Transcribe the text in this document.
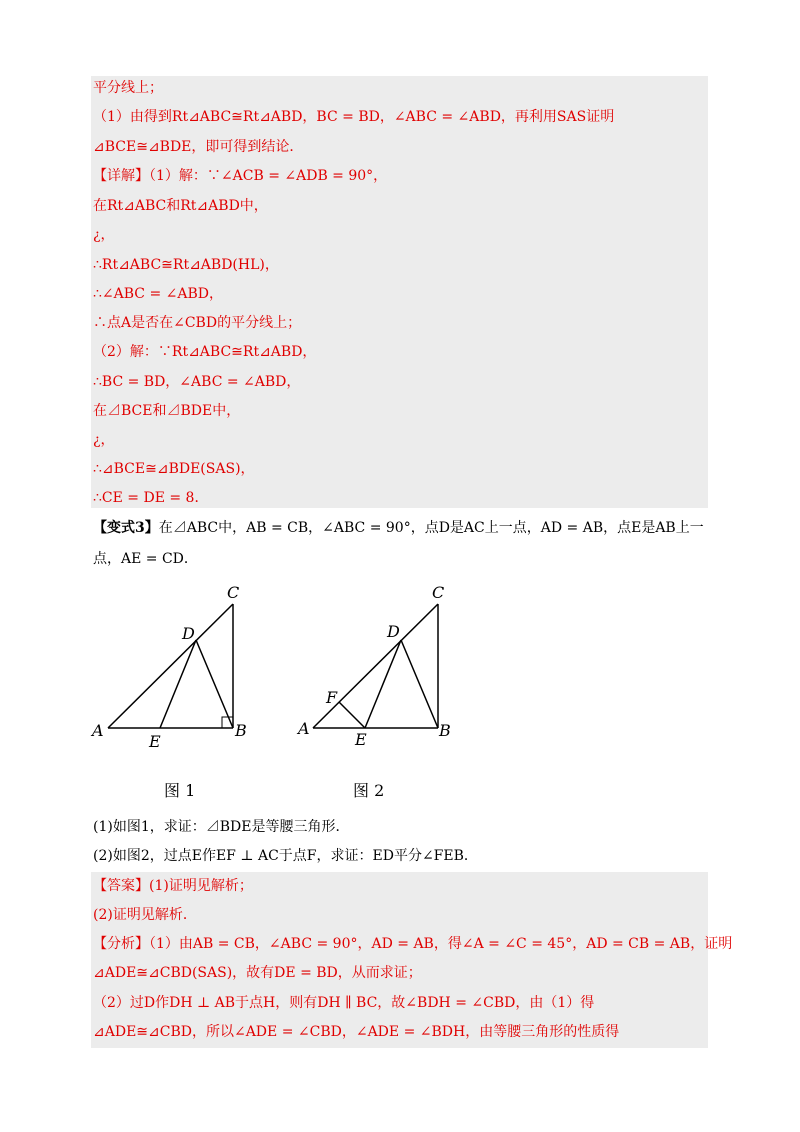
平分线上；
（1）由得到Rt⊿ABC≅Rt⊿ABD，BC = BD，∠ABC = ∠ABD，再利用SAS证明
⊿BCE≅⊿BDE，即可得到结论．
【详解】（1）解：∵∠ACB = ∠ADB = 90°，
在Rt⊿ABC和Rt⊿ABD中，
¿，
∴Rt⊿ABC≅Rt⊿ABD(HL)，
∴∠ABC = ∠ABD，
∴点A是否在∠CBD的平分线上；
（2）解：∵Rt⊿ABC≅Rt⊿ABD，
∴BC = BD，∠ABC = ∠ABD，
在⊿BCE和⊿BDE中，
¿，
∴⊿BCE≅⊿BDE(SAS)，
∴CE = DE = 8．
【变式3】在⊿ABC中，AB = CB，∠ABC = 90°，点D是AC上一点，AD = AB，点E是AB上一
点，AE = CD．
C
D
A
E
B
C
D
F
A
E	B
图 1	图 2
(1)如图1，求证：⊿BDE是等腰三角形．
(2)如图2，过点E作EF ⊥ AC于点F，求证：ED平分∠FEB．
【答案】(1)证明见解析；
(2)证明见解析．
【分析】（1）由AB = CB，∠ABC = 90°，AD = AB，得∠A = ∠C = 45°，AD = CB = AB，证明
⊿ADE≅⊿CBD(SAS)，故有DE = BD，从而求证；
（2）过D作DH ⊥ AB于点H，则有DH ∥ BC，故∠BDH = ∠CBD，由（1）得
⊿ADE≅⊿CBD，所以∠ADE = ∠CBD，∠ADE = ∠BDH，由等腰三角形的性质得
